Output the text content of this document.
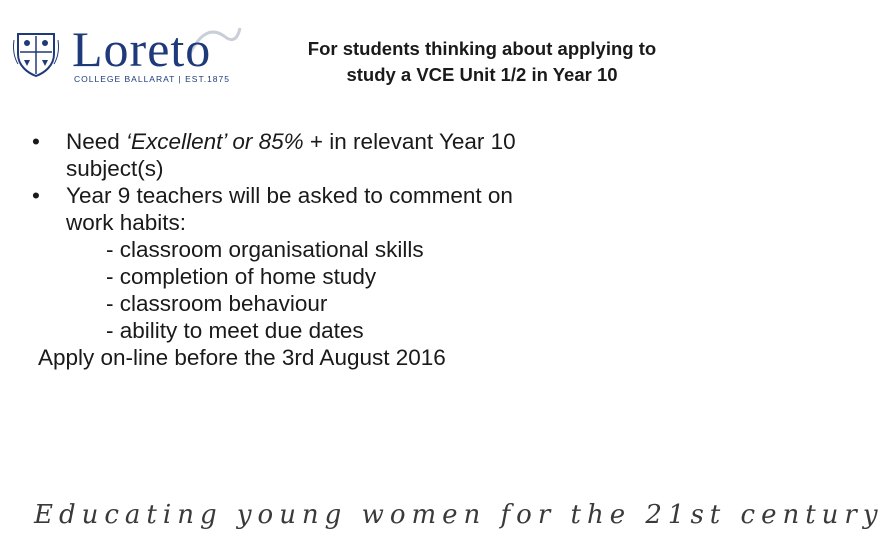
Loreto
COLLEGE BALLARAT | EST.1875
For students thinking about applying to
study a VCE Unit 1/2 in Year 10
• Need ‘Excellent’ or 85% + in relevant Year 10
subject(s)
• Year 9 teachers will be asked to comment on
work habits:
- classroom organisational skills
- completion of home study
- classroom behaviour
- ability to meet due dates
Apply on-line before the 3rd August 2016
Educating young women for the 21st century
